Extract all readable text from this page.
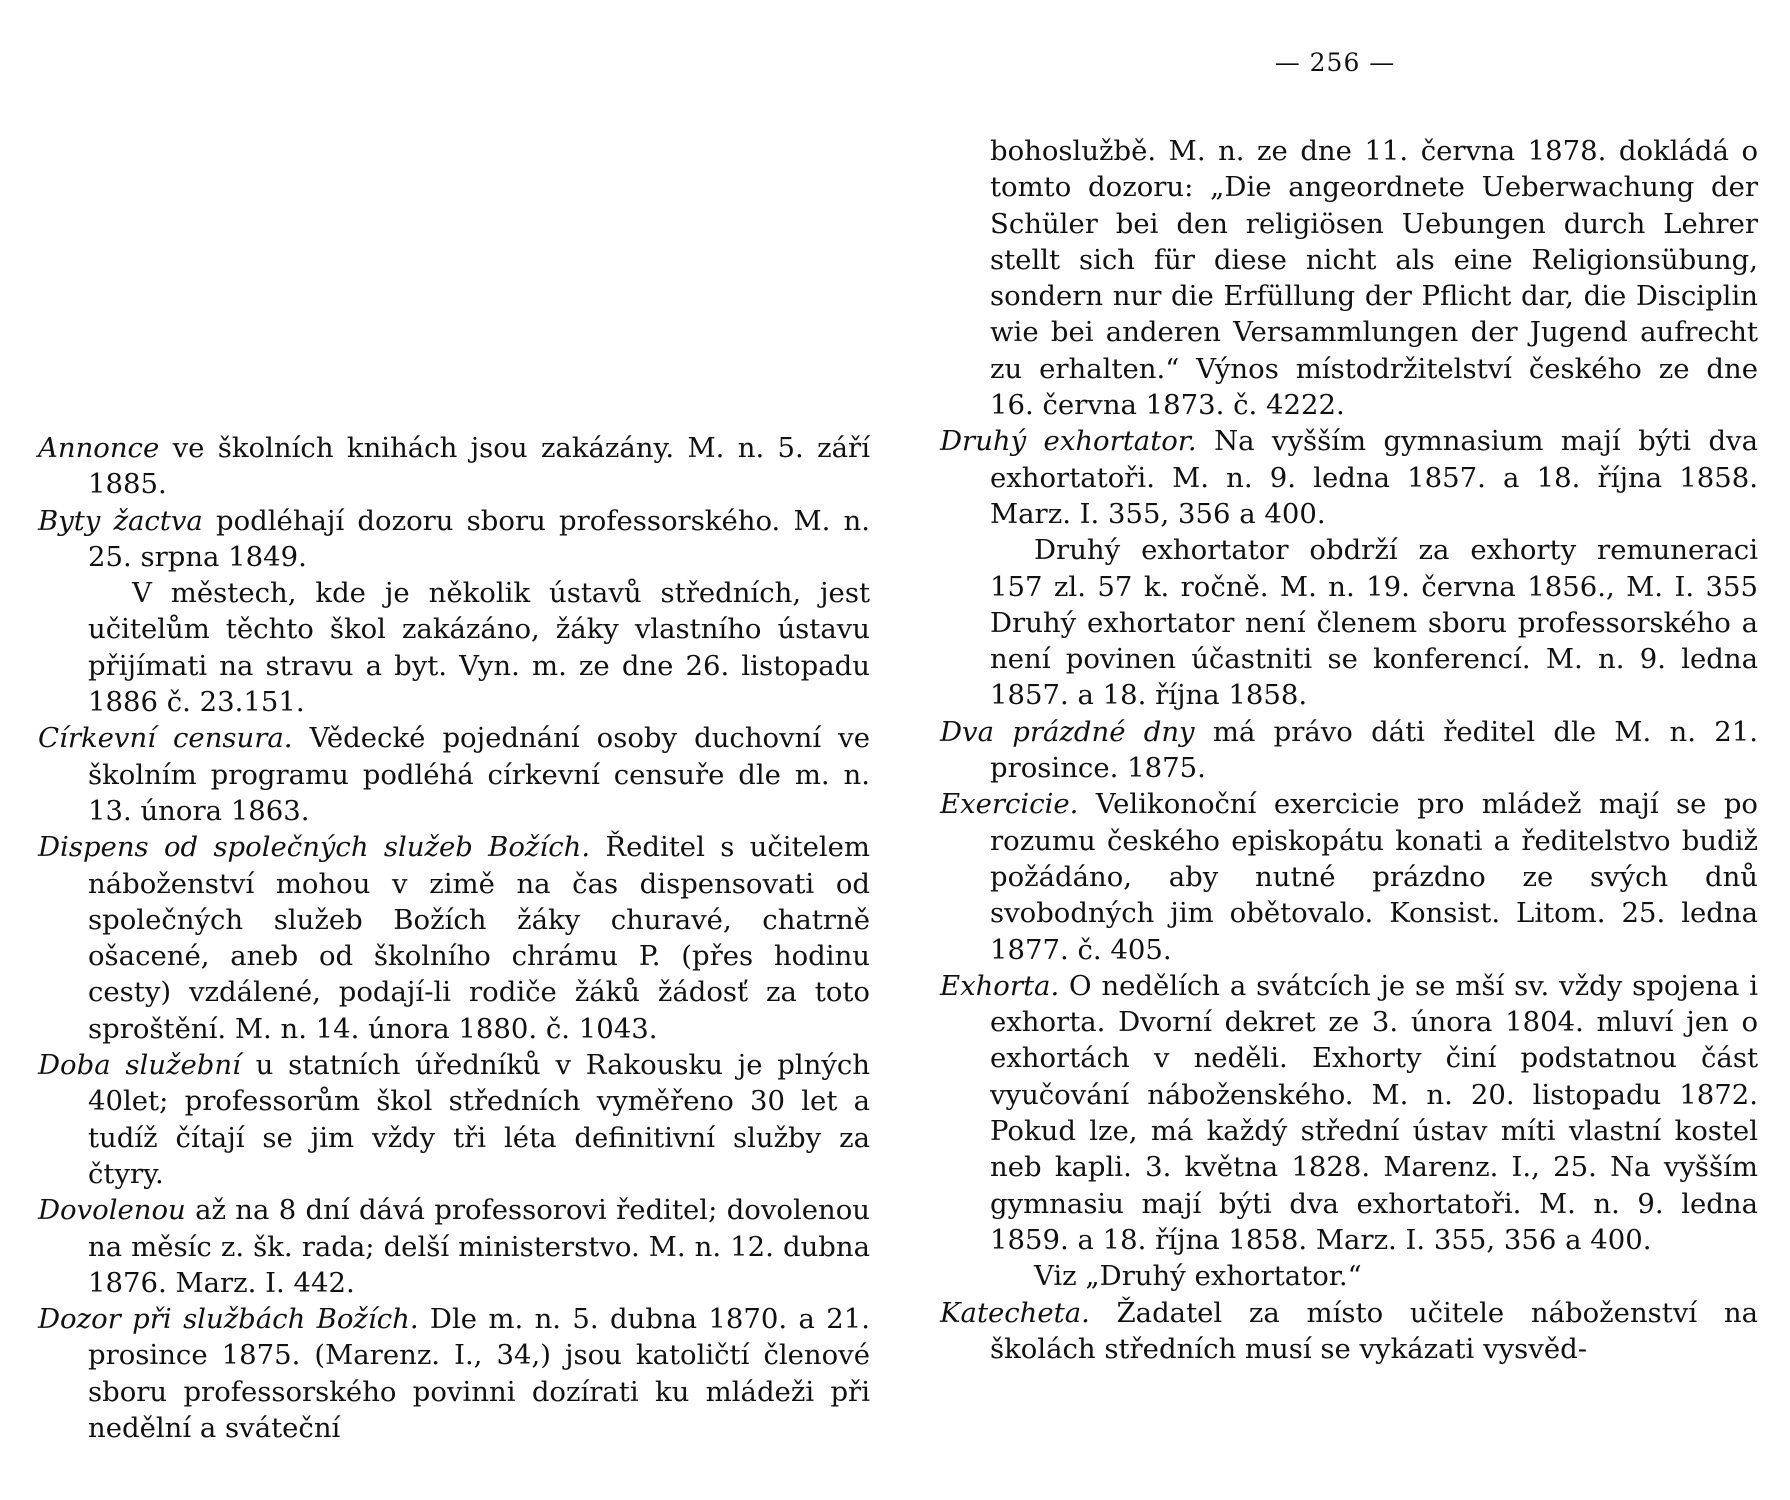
— 256 —
Annonce ve školních knihách jsou zakázány. M. n. 5. září 1885.
Byty žactva podléhají dozoru sboru professorského. M. n. 25. srpna 1849.
V městech, kde je několik ústavů středních, jest učitelům těchto škol zakázáno, žáky vlastního ústavu přijímati na stravu a byt. Vyn. m. ze dne 26. listopadu 1886 č. 23.151.
Církevní censura. Vědecké pojednání osoby duchovní ve školním programu podléhá církevní censuře dle m. n. 13. února 1863.
Dispens od společných služeb Božích. Ředitel s učitelem náboženství mohou v zimě na čas dispensovati od společných služeb Božích žáky churavé, chatrně ošacené, aneb od školního chrámu P. (přes hodinu cesty) vzdálené, podají-li rodiče žáků žádosť za toto sproštění. M. n. 14. února 1880. č. 1043.
Doba služební u statních úředníků v Rakousku je plných 40let; professorům škol středních vyměřeno 30 let a tudíž čítají se jim vždy tři léta definitivní služby za čtyry.
Dovolenou až na 8 dní dává professorovi ředitel; dovolenou na měsíc z. šk. rada; delší ministerstvo. M. n. 12. dubna 1876. Marz. I. 442.
Dozor při službách Božích. Dle m. n. 5. dubna 1870. a 21. prosince 1875. (Marenz. I., 34,) jsou katoličtí členové sboru professorského povinni dozírati ku mládeži při nedělní a sváteční
bohoslužbě. M. n. ze dne 11. června 1878. dokládá o tomto dozoru: „Die angeordnete Ueberwachung der Schüler bei den religiösen Uebungen durch Lehrer stellt sich für diese nicht als eine Religionsübung, sondern nur die Erfüllung der Pflicht dar, die Disciplin wie bei anderen Versammlungen der Jugend aufrecht zu erhalten.“ Výnos místodržitelství českého ze dne 16. června 1873. č. 4222.
Druhý exhortator. Na vyšším gymnasium mají býti dva exhortatoři. M. n. 9. ledna 1857. a 18. října 1858. Marz. I. 355, 356 a 400.
Druhý exhortator obdrží za exhorty remuneraci 157 zl. 57 k. ročně. M. n. 19. června 1856., M. I. 355 Druhý exhortator není členem sboru professorského a není povinen účastniti se konferencí. M. n. 9. ledna 1857. a 18. října 1858.
Dva prázdné dny má právo dáti ředitel dle M. n. 21. prosince. 1875.
Exercicie. Velikonoční exercicie pro mládež mají se po rozumu českého episkopátu konati a ředitelstvo budiž požádáno, aby nutné prázdno ze svých dnů svobodných jim obětovalo. Konsist. Litom. 25. ledna 1877. č. 405.
Exhorta. O nedělích a svátcích je se mší sv. vždy spojena i exhorta. Dvorní dekret ze 3. února 1804. mluví jen o exhortách v neděli. Exhorty činí podstatnou část vyučování náboženského. M. n. 20. listopadu 1872. Pokud lze, má každý střední ústav míti vlastní kostel neb kapli. 3. května 1828. Marenz. I., 25. Na vyšším gymnasiu mají býti dva exhortatoři. M. n. 9. ledna 1859. a 18. října 1858. Marz. I. 355, 356 a 400.
Viz „Druhý exhortator.“
Katecheta. Žadatel za místo učitele náboženství na školách středních musí se vykázati vysvěd-
